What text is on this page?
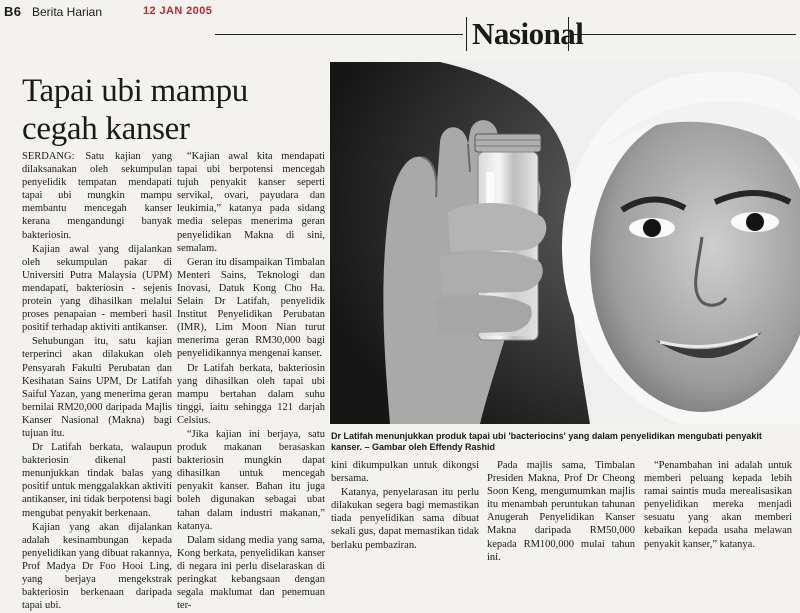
B6 Berita Harian	12 JAN 2005
Nasional
Tapai ubi mampu
cegah kanser
Dr Latifah menunjukkan produk tapai ubi 'bacteriocins' yang dalam penyelidikan mengubati penyakit kanser. – Gambar oleh Effendy Rashid

SERDANG: Satu kajian yang dilaksanakan oleh sekumpulan penyelidik tempatan mendapati tapai ubi mungkin mampu membantu mencegah kanser kerana mengandungi banyak bakteriosin.

Kajian awal yang dijalankan oleh sekumpulan pakar di Universiti Putra Malaysia (UPM) mendapati, bakteriosin - sejenis protein yang dihasilkan melalui proses penapaian - memberi hasil positif terhadap aktiviti antikanser.

Sehubungan itu, satu kajian terperinci akan dilakukan oleh Pensyarah Fakulti Perubatan dan Kesihatan Sains UPM, Dr Latifah Saiful Yazan, yang menerima geran bernilai RM20,000 daripada Majlis Kanser Nasional (Makna) bagi tujuan itu.

Dr Latifah berkata, walaupun bakteriosin dikenal pasti menunjukkan tindak balas yang positif untuk menggalakkan aktiviti antikanser, ini tidak berpotensi bagi mengubat penyakit berkenaan.

Kajian yang akan dijalankan adalah kesinambungan kepada penyelidikan yang dibuat rakannya, Prof Madya Dr Foo Hooi Ling, yang berjaya mengekstrak bakteriosin berkenaan daripada tapai ubi.

“Kajian awal kita mendapati tapai ubi berpotensi mencegah tujuh penyakit kanser seperti servikal, ovari, payudara dan leukimia,” katanya pada sidang media selepas menerima geran penyelidikan Makna di sini, semalam.

Geran itu disampaikan Timbalan Menteri Sains, Teknologi dan Inovasi, Datuk Kong Cho Ha. Selain Dr Latifah, penyelidik Institut Penyelidikan Perubatan (IMR), Lim Moon Nian turut menerima geran RM30,000 bagi penyelidikannya mengenai kanser.

Dr Latifah berkata, bakteriosin yang dihasilkan oleh tapai ubi mampu bertahan dalam suhu tinggi, iaitu sehingga 121 darjah Celsius.

“Jika kajian ini berjaya, satu produk makanan berasaskan bakteriosin mungkin dapat dihasilkan untuk mencegah penyakit kanser. Bahan itu juga boleh digunakan sebagai ubat tahan dalam industri makanan,” katanya.

Dalam sidang media yang sama, Kong berkata, penyelidikan kanser di negara ini perlu diselaraskan di peringkat kebangsaan dengan segala maklumat dan penemuan ter-

kini dikumpulkan untuk dikongsi bersama.

Katanya, penyelarasan itu perlu dilakukan segera bagi memastikan tiada penyelidikan sama dibuat sekali gus, dapat memastikan tidak berlaku pembaziran.

Pada majlis sama, Timbalan Presiden Makna, Prof Dr Cheong Soon Keng, mengumumkan majlis itu menambah peruntukan tahunan Anugerah Penyelidikan Kanser Makna daripada RM50,000 kepada RM100,000 mulai tahun ini.

“Penambahan ini adalah untuk memberi peluang kepada lebih ramai saintis muda merealisasikan penyelidikan mereka menjadi sesuatu yang akan memberi kebaikan kepada usaha melawan penyakit kanser,” katanya.
